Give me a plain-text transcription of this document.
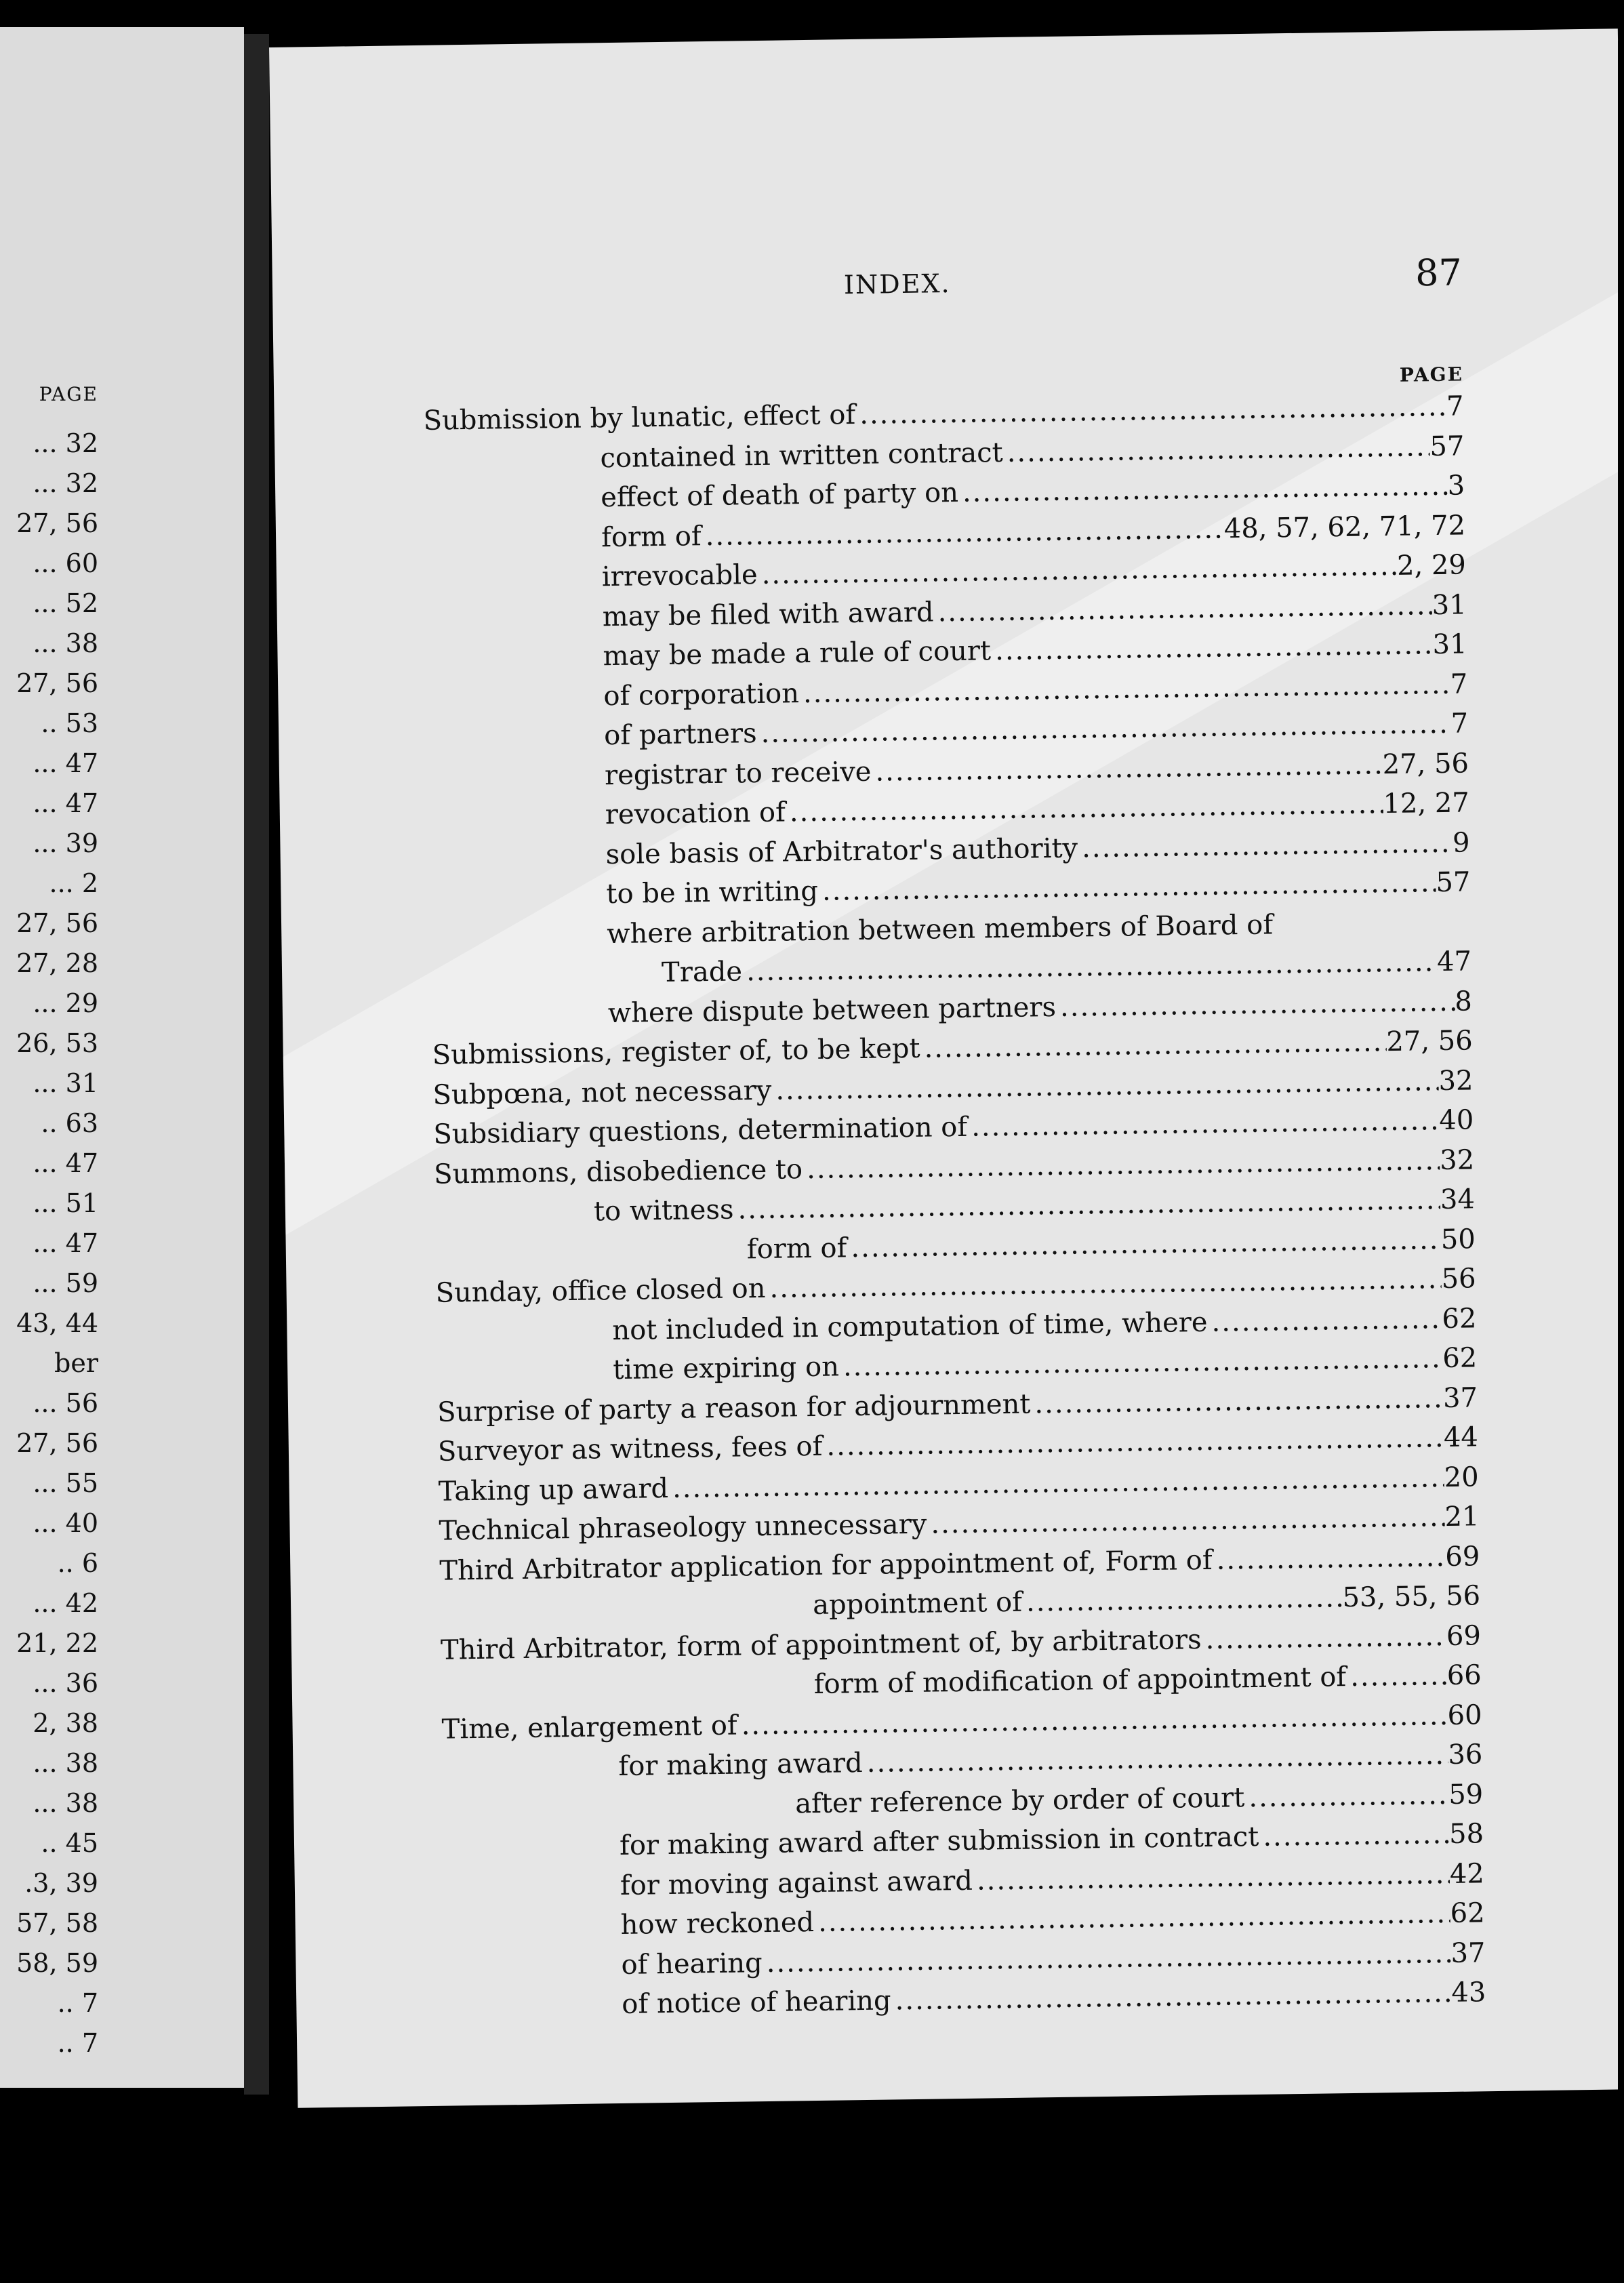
PAGE
... 32
... 32
27, 56
... 60
... 52
... 38
27, 56
.. 53
... 47
... 47
... 39
... 2
27, 56
27, 28
... 29
26, 53
... 31
.. 63
... 47
... 51
... 47
... 59
43, 44
ber
... 56
27, 56
... 55
... 40
.. 6
... 42
21, 22
... 36
2, 38
... 38
... 38
.. 45
.3, 39
57, 58
58, 59
.. 7
.. 7
INDEX.	87
PAGE
Submission by lunatic, effect of .....	7
contained in written contract .....	57
effect of death of party on .....	3
form of .....	48, 57, 62, 71, 72
irrevocable .....	2, 29
may be filed with award .....	31
may be made a rule of court .....	31
of corporation .....	7
of partners .....	7
registrar to receive .....	27, 56
revocation of .....	12, 27
sole basis of Arbitrator's authority .....	9
to be in writing .....	57
where arbitration between members of Board of
Trade .....	47
where dispute between partners .....	8
Submissions, register of, to be kept .....	27, 56
Subpœna, not necessary .....	32
Subsidiary questions, determination of .....	40
Summons, disobedience to .....	32
to witness .....	34
form of .....	50
Sunday, office closed on .....	56
not included in computation of time, where .....	62
time expiring on .....	62
Surprise of party a reason for adjournment .....	37
Surveyor as witness, fees of .....	44
Taking up award .....	20
Technical phraseology unnecessary .....	21
Third Arbitrator application for appointment of, Form of .....	69
appointment of .....	53, 55, 56
Third Arbitrator, form of appointment of, by arbitrators .....	69
form of modification of appointment of .....	66
Time, enlargement of .....	60
for making award .....	36
after reference by order of court .....	59
for making award after submission in contract .....	58
for moving against award .....	42
how reckoned .....	62
of hearing .....	37
of notice of hearing .....	43
